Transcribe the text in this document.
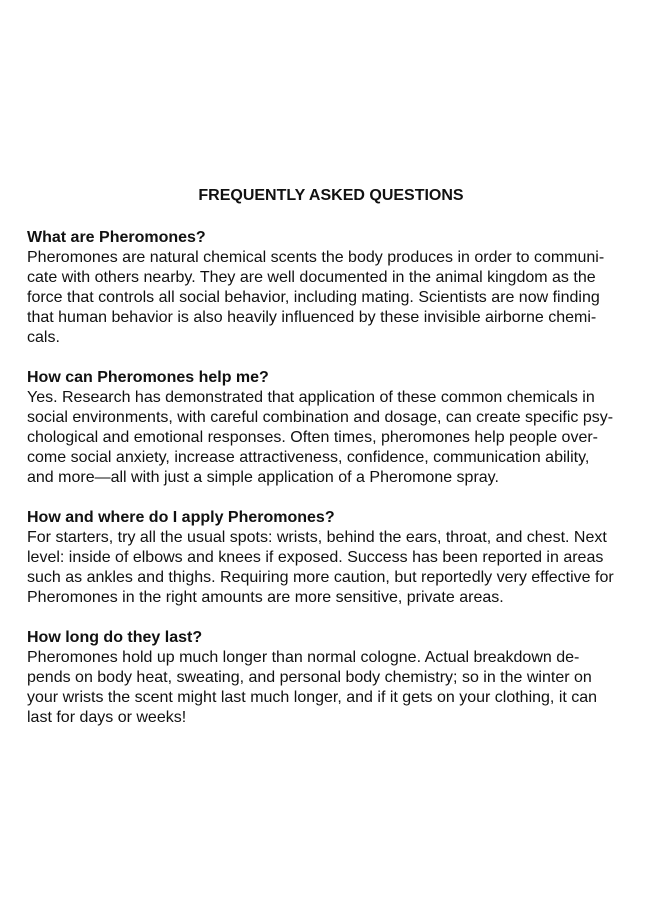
FREQUENTLY ASKED QUESTIONS

What are Pheromones?

Pheromones are natural chemical scents the body produces in order to communi-
cate with others nearby. They are well documented in the animal kingdom as the
force that controls all social behavior, including mating. Scientists are now finding
that human behavior is also heavily influenced by these invisible airborne chemi-
cals.

How can Pheromones help me?

Yes. Research has demonstrated that application of these common chemicals in
social environments, with careful combination and dosage, can create specific psy-
chological and emotional responses. Often times, pheromones help people over-
come social anxiety, increase attractiveness, confidence, communication ability,
and more—all with just a simple application of a Pheromone spray.

How and where do I apply Pheromones?

For starters, try all the usual spots: wrists, behind the ears, throat, and chest. Next
level: inside of elbows and knees if exposed. Success has been reported in areas
such as ankles and thighs. Requiring more caution, but reportedly very effective for
Pheromones in the right amounts are more sensitive, private areas.

How long do they last?

Pheromones hold up much longer than normal cologne. Actual breakdown de-
pends on body heat, sweating, and personal body chemistry; so in the winter on
your wrists the scent might last much longer, and if it gets on your clothing, it can
last for days or weeks!
